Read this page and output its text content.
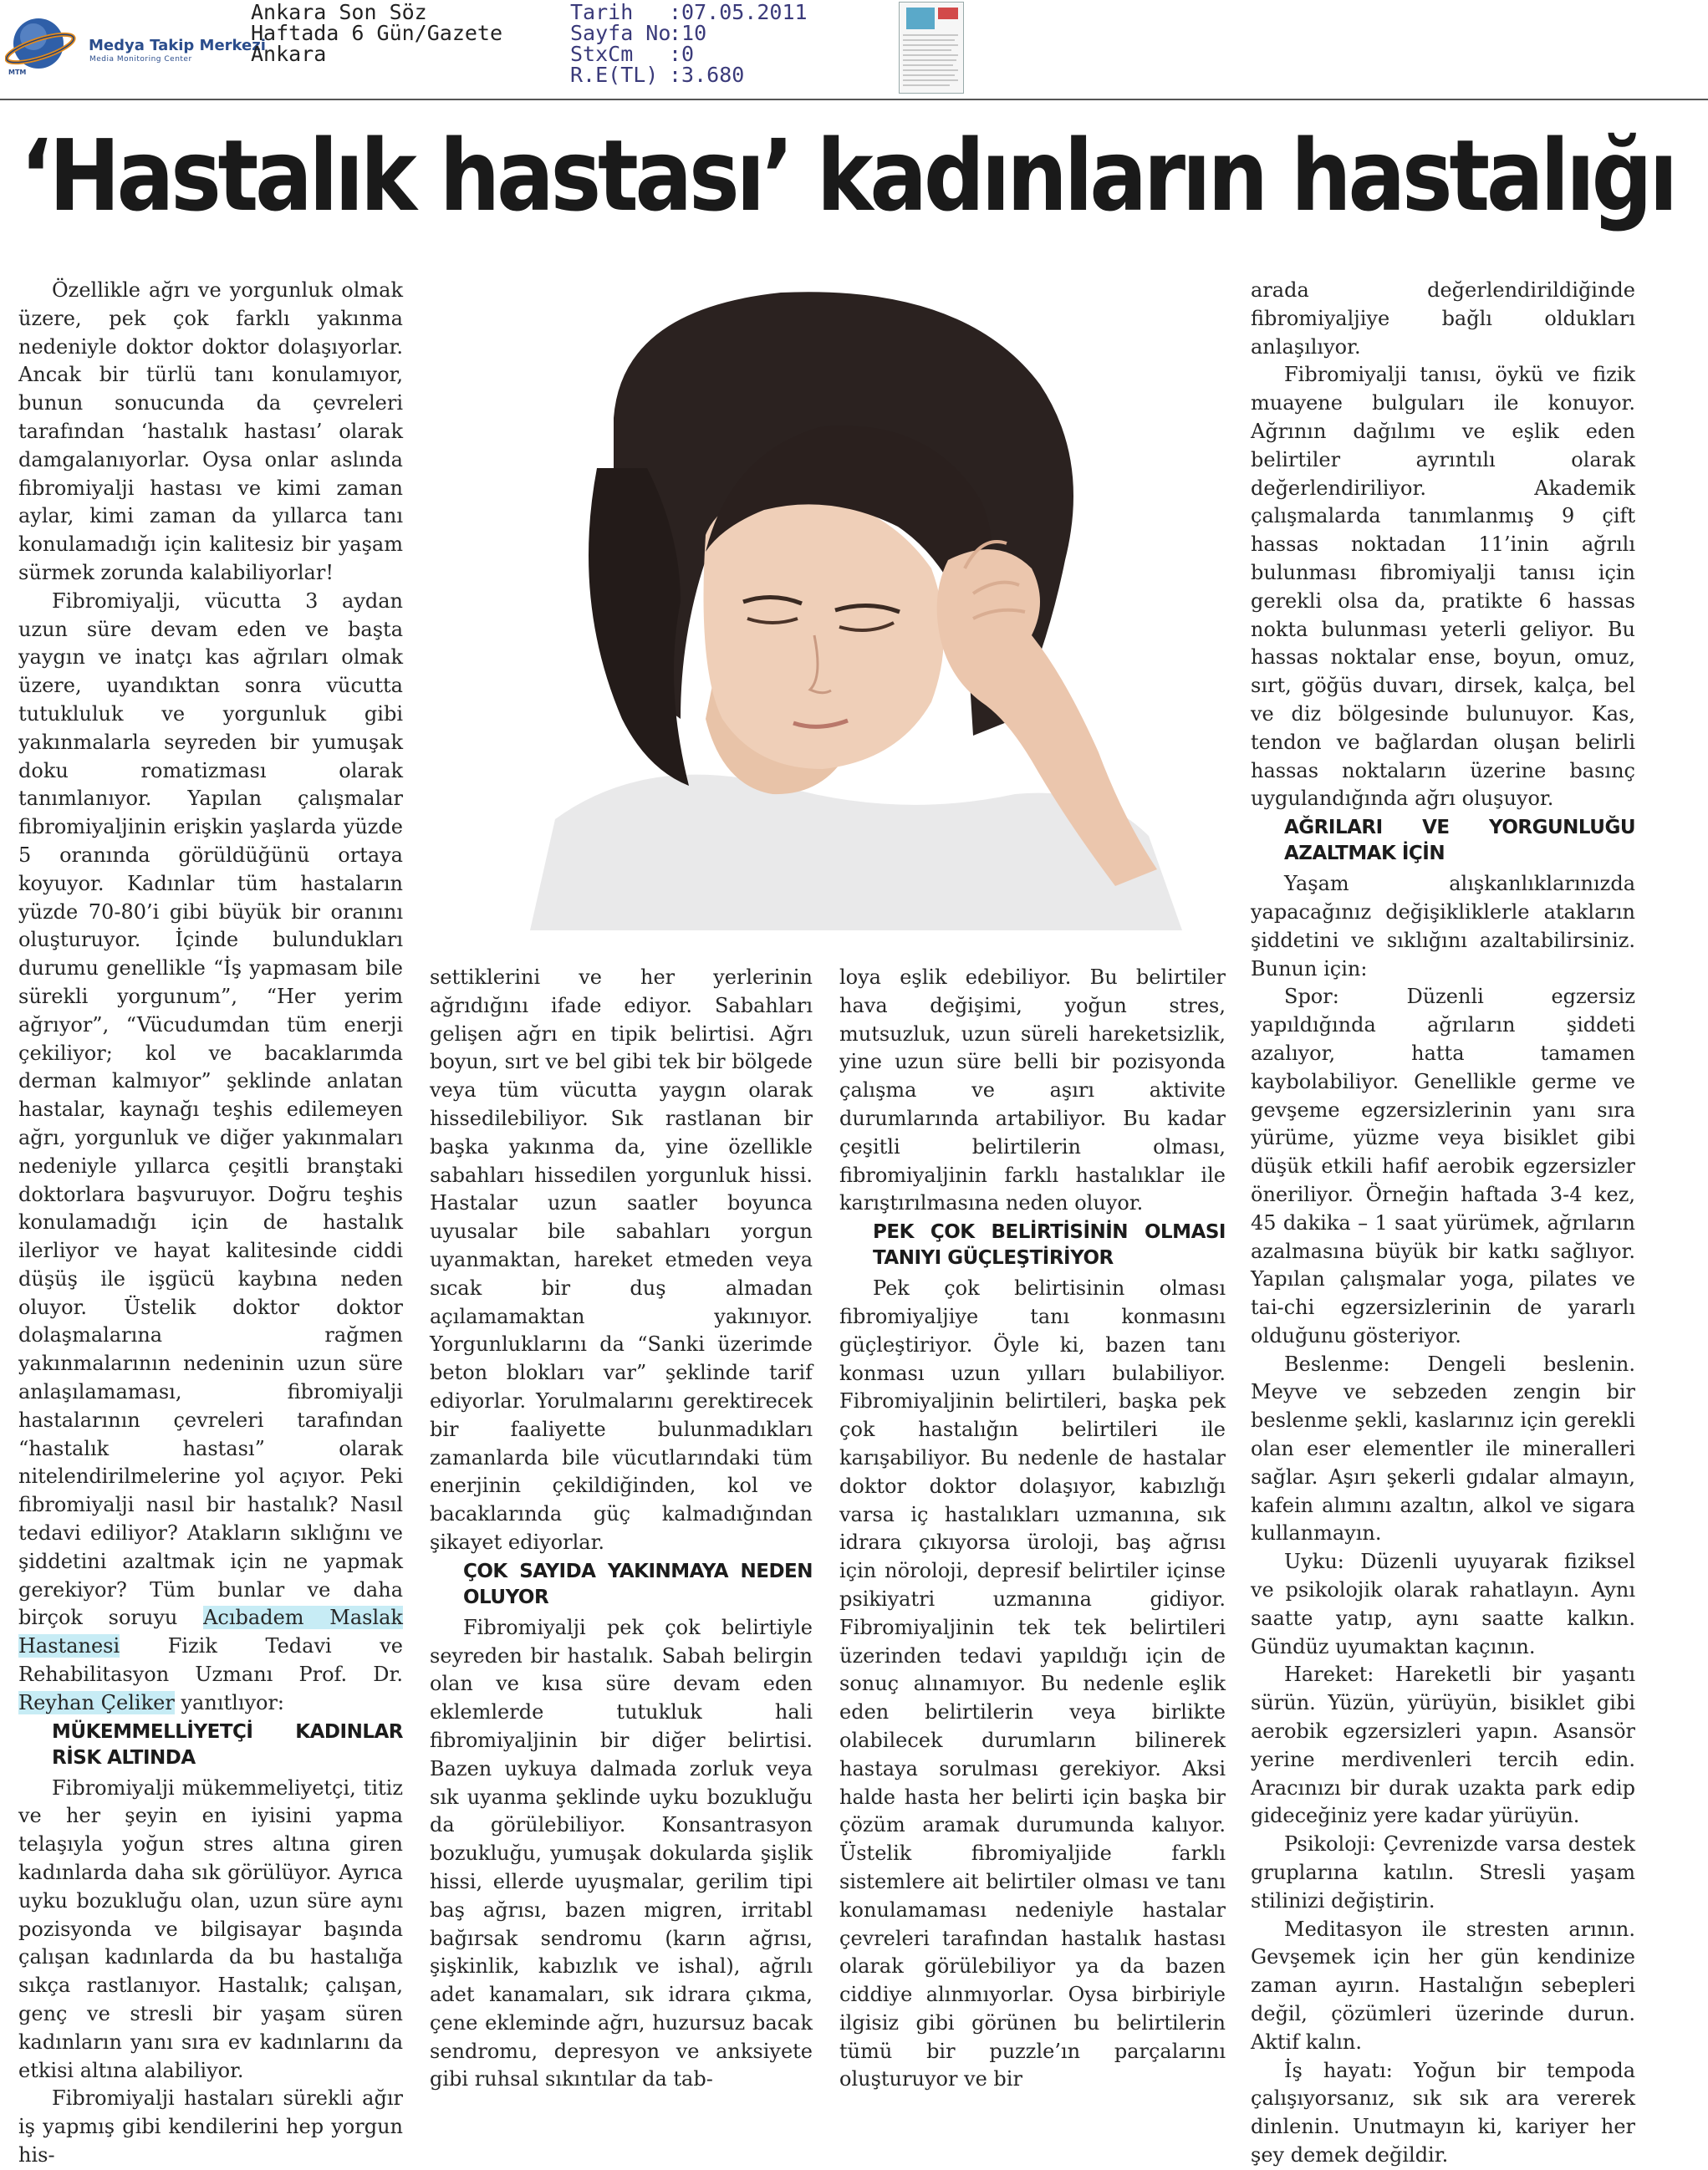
Medya Takip Merkezi
Media Monitoring Center
MTM
Ankara Son Söz
Haftada 6 Gün/Gazete
Ankara
Tarih :07.05.2011
Sayfa No:10
StxCm :0
R.E(TL) :3.680
‘Hastalık hastası’ kadınların hastalığı

Özellikle ağrı ve yorgunluk olmak üzere, pek çok farklı yakınma nedeniyle doktor doktor dolaşıyorlar. Ancak bir türlü tanı konulamıyor, bunun sonucunda da çevreleri tarafından ‘hastalık hastası’ olarak damgalanıyorlar. Oysa onlar aslında fibromiyalji hastası ve kimi zaman aylar, kimi zaman da yıllarca tanı konulamadığı için kalitesiz bir yaşam sürmek zorunda kalabiliyorlar!

Fibromiyalji, vücutta 3 aydan uzun süre devam eden ve başta yaygın ve inatçı kas ağrıları olmak üzere, uyandıktan sonra vücutta tutukluluk ve yorgunluk gibi yakınmalarla seyreden bir yumuşak doku romatizması olarak tanımlanıyor. Yapılan çalışmalar fibromiyaljinin erişkin yaşlarda yüzde 5 oranında görüldüğünü ortaya koyuyor. Kadınlar tüm hastaların yüzde 70-80’i gibi büyük bir oranını oluşturuyor. İçinde bulundukları durumu genellikle “İş yapmasam bile sürekli yorgunum”, “Her yerim ağrıyor”, “Vücudumdan tüm enerji çekiliyor; kol ve bacaklarımda derman kalmıyor” şeklinde anlatan hastalar, kaynağı teşhis edilemeyen ağrı, yorgunluk ve diğer yakınmaları nedeniyle yıllarca çeşitli branştaki doktorlara başvuruyor. Doğru teşhis konulamadığı için de hastalık ilerliyor ve hayat kalitesinde ciddi düşüş ile işgücü kaybına neden oluyor. Üstelik doktor doktor dolaşmalarına rağmen yakınmalarının nedeninin uzun süre anlaşılamaması, fibromiyalji hastalarının çevreleri tarafından “hastalık hastası” olarak nitelendirilmelerine yol açıyor. Peki fibromiyalji nasıl bir hastalık? Nasıl tedavi ediliyor? Atakların sıklığını ve şiddetini azaltmak için ne yapmak gerekiyor? Tüm bunlar ve daha birçok soruyu Acıbadem Maslak Hastanesi Fizik Tedavi ve Rehabilitasyon Uzmanı Prof. Dr. Reyhan Çeliker yanıtlıyor:

MÜKEMMELLİYETÇİ KADINLAR RİSK ALTINDA

Fibromiyalji mükemmeliyetçi, titiz ve her şeyin en iyisini yapma telaşıyla yoğun stres altına giren kadınlarda daha sık görülüyor. Ayrıca uyku bozukluğu olan, uzun süre aynı pozisyonda ve bilgisayar başında çalışan kadınlarda da bu hastalığa sıkça rastlanıyor. Hastalık; çalışan, genç ve stresli bir yaşam süren kadınların yanı sıra ev kadınlarını da etkisi altına alabiliyor.

Fibromiyalji hastaları sürekli ağır iş yapmış gibi kendilerini hep yorgun his-

settiklerini ve her yerlerinin ağrıdığını ifade ediyor. Sabahları gelişen ağrı en tipik belirtisi. Ağrı boyun, sırt ve bel gibi tek bir bölgede veya tüm vücutta yaygın olarak hissedilebiliyor. Sık rastlanan bir başka yakınma da, yine özellikle sabahları hissedilen yorgunluk hissi. Hastalar uzun saatler boyunca uyusalar bile sabahları yorgun uyanmaktan, hareket etmeden veya sıcak bir duş almadan açılamamaktan yakınıyor. Yorgunluklarını da “Sanki üzerimde beton blokları var” şeklinde tarif ediyorlar. Yorulmalarını gerektirecek bir faaliyette bulunmadıkları zamanlarda bile vücutlarındaki tüm enerjinin çekildiğinden, kol ve bacaklarında güç kalmadığından şikayet ediyorlar.

ÇOK SAYIDA YAKINMAYA NEDEN OLUYOR

Fibromiyalji pek çok belirtiyle seyreden bir hastalık. Sabah belirgin olan ve kısa süre devam eden eklemlerde tutukluk hali fibromiyaljinin bir diğer belirtisi. Bazen uykuya dalmada zorluk veya sık uyanma şeklinde uyku bozukluğu da görülebiliyor. Konsantrasyon bozukluğu, yumuşak dokularda şişlik hissi, ellerde uyuşmalar, gerilim tipi baş ağrısı, bazen migren, irritabl bağırsak sendromu (karın ağrısı, şişkinlik, kabızlık ve ishal), ağrılı adet kanamaları, sık idrara çıkma, çene ekleminde ağrı, huzursuz bacak sendromu, depresyon ve anksiyete gibi ruhsal sıkıntılar da tab-

loya eşlik edebiliyor. Bu belirtiler hava değişimi, yoğun stres, mutsuzluk, uzun süreli hareketsizlik, yine uzun süre belli bir pozisyonda çalışma ve aşırı aktivite durumlarında artabiliyor. Bu kadar çeşitli belirtilerin olması, fibromiyaljinin farklı hastalıklar ile karıştırılmasına neden oluyor.

PEK ÇOK BELİRTİSİNİN OLMASI TANIYI GÜÇLEŞTİRİYOR

Pek çok belirtisinin olması fibromiyaljiye tanı konmasını güçleştiriyor. Öyle ki, bazen tanı konması uzun yılları bulabiliyor. Fibromiyaljinin belirtileri, başka pek çok hastalığın belirtileri ile karışabiliyor. Bu nedenle de hastalar doktor doktor dolaşıyor, kabızlığı varsa iç hastalıkları uzmanına, sık idrara çıkıyorsa üroloji, baş ağrısı için nöroloji, depresif belirtiler içinse psikiyatri uzmanına gidiyor. Fibromiyaljinin tek tek belirtileri üzerinden tedavi yapıldığı için de sonuç alınamıyor. Bu nedenle eşlik eden belirtilerin veya birlikte olabilecek durumların bilinerek hastaya sorulması gerekiyor. Aksi halde hasta her belirti için başka bir çözüm aramak durumunda kalıyor. Üstelik fibromiyaljide farklı sistemlere ait belirtiler olması ve tanı konulamaması nedeniyle hastalar çevreleri tarafından hastalık hastası olarak görülebiliyor ya da bazen ciddiye alınmıyorlar. Oysa birbiriyle ilgisiz gibi görünen bu belirtilerin tümü bir puzzle’ın parçalarını oluşturuyor ve bir

arada değerlendirildiğinde fibromiyaljiye bağlı oldukları anlaşılıyor.

Fibromiyalji tanısı, öykü ve fizik muayene bulguları ile konuyor. Ağrının dağılımı ve eşlik eden belirtiler ayrıntılı olarak değerlendiriliyor. Akademik çalışmalarda tanımlanmış 9 çift hassas noktadan 11’inin ağrılı bulunması fibromiyalji tanısı için gerekli olsa da, pratikte 6 hassas nokta bulunması yeterli geliyor. Bu hassas noktalar ense, boyun, omuz, sırt, göğüs duvarı, dirsek, kalça, bel ve diz bölgesinde bulunuyor. Kas, tendon ve bağlardan oluşan belirli hassas noktaların üzerine basınç uygulandığında ağrı oluşuyor.

AĞRILARI VE YORGUNLUĞU AZALTMAK İÇİN

Yaşam alışkanlıklarınızda yapacağınız değişikliklerle atakların şiddetini ve sıklığını azaltabilirsiniz. Bunun için:

Spor: Düzenli egzersiz yapıldığında ağrıların şiddeti azalıyor, hatta tamamen kaybolabiliyor. Genellikle germe ve gevşeme egzersizlerinin yanı sıra yürüme, yüzme veya bisiklet gibi düşük etkili hafif aerobik egzersizler öneriliyor. Örneğin haftada 3-4 kez, 45 dakika – 1 saat yürümek, ağrıların azalmasına büyük bir katkı sağlıyor. Yapılan çalışmalar yoga, pilates ve tai-chi egzersizlerinin de yararlı olduğunu gösteriyor.

Beslenme: Dengeli beslenin. Meyve ve sebzeden zengin bir beslenme şekli, kaslarınız için gerekli olan eser elementler ile mineralleri sağlar. Aşırı şekerli gıdalar almayın, kafein alımını azaltın, alkol ve sigara kullanmayın.

Uyku: Düzenli uyuyarak fiziksel ve psikolojik olarak rahatlayın. Aynı saatte yatıp, aynı saatte kalkın. Gündüz uyumaktan kaçının.

Hareket: Hareketli bir yaşantı sürün. Yüzün, yürüyün, bisiklet gibi aerobik egzersizleri yapın. Asansör yerine merdivenleri tercih edin. Aracınızı bir durak uzakta park edip gideceğiniz yere kadar yürüyün.

Psikoloji: Çevrenizde varsa destek gruplarına katılın. Stresli yaşam stilinizi değiştirin.

Meditasyon ile stresten arının. Gevşemek için her gün kendinize zaman ayırın. Hastalığın sebepleri değil, çözümleri üzerinde durun. Aktif kalın.

İş hayatı: Yoğun bir tempoda çalışıyorsanız, sık sık ara vererek dinlenin. Unutmayın ki, kariyer her şey demek değildir.
